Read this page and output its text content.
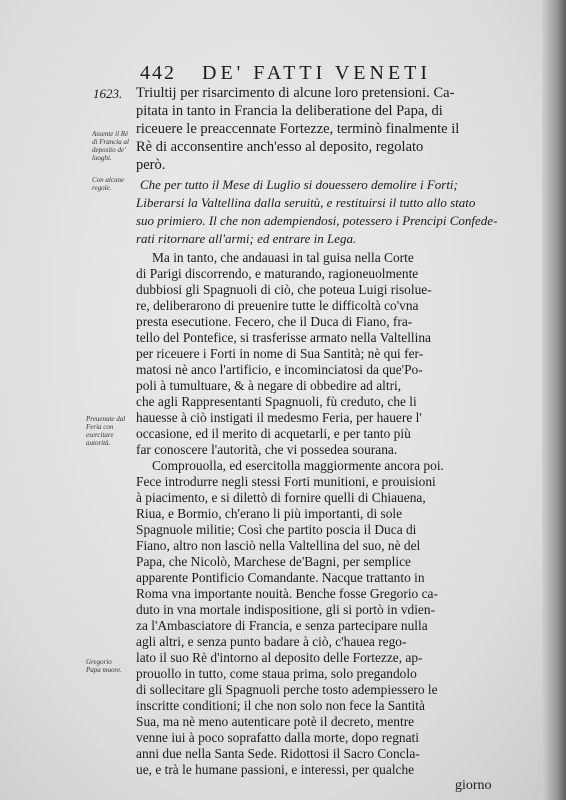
442 DE' FATTI VENETI
1623.
Assente il Rè di Francia al deposito de' luoghi.
Con alcune regole.
Preuenute dal Feria con esercitare autorità.
Gregorio Papa muore.
Triultij per risarcimento di alcune loro pretensioni. Ca-
pitata in tanto in Francia la deliberatione del Papa, di
riceuere le preaccennate Fortezze, terminò finalmente il
Rè di acconsentire anch'esso al deposito, regolato
però.
Che per tutto il Mese di Luglio si douessero demolire i Forti;
Liberarsi la Valtellina dalla seruitù, e restituirsi il tutto allo stato
suo primiero. Il che non adempiendosi, potessero i Prencipi Confede-
rati ritornare all'armi; ed entrare in Lega.
Ma in tanto, che andauasi in tal guisa nella Corte
di Parigi discorrendo, e maturando, ragioneuolmente
dubbiosi gli Spagnuoli di ciò, che poteua Luigi risolue-
re, deliberarono di preuenire tutte le difficoltà co'vna
presta esecutione. Fecero, che il Duca di Fiano, fra-
tello del Pontefice, si trasferisse armato nella Valtellina
per riceuere i Forti in nome di Sua Santità; nè qui fer-
matosi nè anco l'artificio, e incominciatosi da que'Po-
poli à tumultuare, & à negare di obbedire ad altri,
che agli Rappresentanti Spagnuoli, fù creduto, che li
hauesse à ciò instigati il medesmo Feria, per hauere l'
occasione, ed il merito di acquetarli, e per tanto più
far conoscere l'autorità, che vi possedea sourana.
Comprouolla, ed esercitolla maggiormente ancora poi.
Fece introdurre negli stessi Forti munitioni, e prouisioni
à piacimento, e si dilettò di fornire quelli di Chiauena,
Riua, e Bormio, ch'erano li più importanti, di sole
Spagnuole militie; Così che partito poscia il Duca di
Fiano, altro non lasciò nella Valtellina del suo, nè del
Papa, che Nicolò, Marchese de'Bagni, per semplice
apparente Pontificio Comandante. Nacque trattanto in
Roma vna importante nouità. Benche fosse Gregorio ca-
duto in vna mortale indispositione, gli si portò in vdien-
za l'Ambasciatore di Francia, e senza partecipare nulla
agli altri, e senza punto badare à ciò, c'hauea rego-
lato il suo Rè d'intorno al deposito delle Fortezze, ap-
prouollo in tutto, come staua prima, solo pregandolo
di sollecitare gli Spagnuoli perche tosto adempiessero le
inscritte conditioni; il che non solo non fece la Santità
Sua, ma nè meno autenticare potè il decreto, mentre
venne iui à poco soprafatto dalla morte, dopo regnati
anni due nella Santa Sede. Ridottosi il Sacro Concla-
ue, e trà le humane passioni, e interessi, per qualche
giorno
